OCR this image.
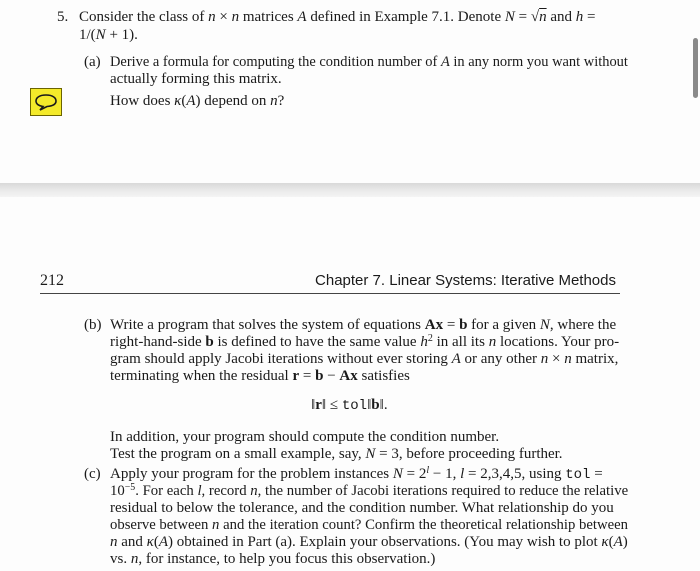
5. Consider the class of n × n matrices A defined in Example 7.1. Denote N = √n and h =
1/(N + 1).
(a) Derive a formula for computing the condition number of A in any norm you want without
actually forming this matrix.
How does κ(A) depend on n?
212	Chapter 7. Linear Systems: Iterative Methods
(b) Write a program that solves the system of equations Ax = b for a given N, where the
right-hand-side b is defined to have the same value $h^2$ in all its n locations. Your pro-
gram should apply Jacobi iterations without ever storing A or any other n × n matrix,
terminating when the residual r = b − Ax satisfies
‖r‖ ≤ tol‖b‖.
In addition, your program should compute the condition number.
Test the program on a small example, say, N = 3, before proceeding further.
(c) Apply your program for the problem instances $N = 2^l - 1$, l = 2,3,4,5, using tol =
$10^{-5}$. For each l, record n, the number of Jacobi iterations required to reduce the relative
residual to below the tolerance, and the condition number. What relationship do you
observe between n and the iteration count? Confirm the theoretical relationship between
n and κ(A) obtained in Part (a). Explain your observations. (You may wish to plot κ(A)
vs. n, for instance, to help you focus this observation.)
